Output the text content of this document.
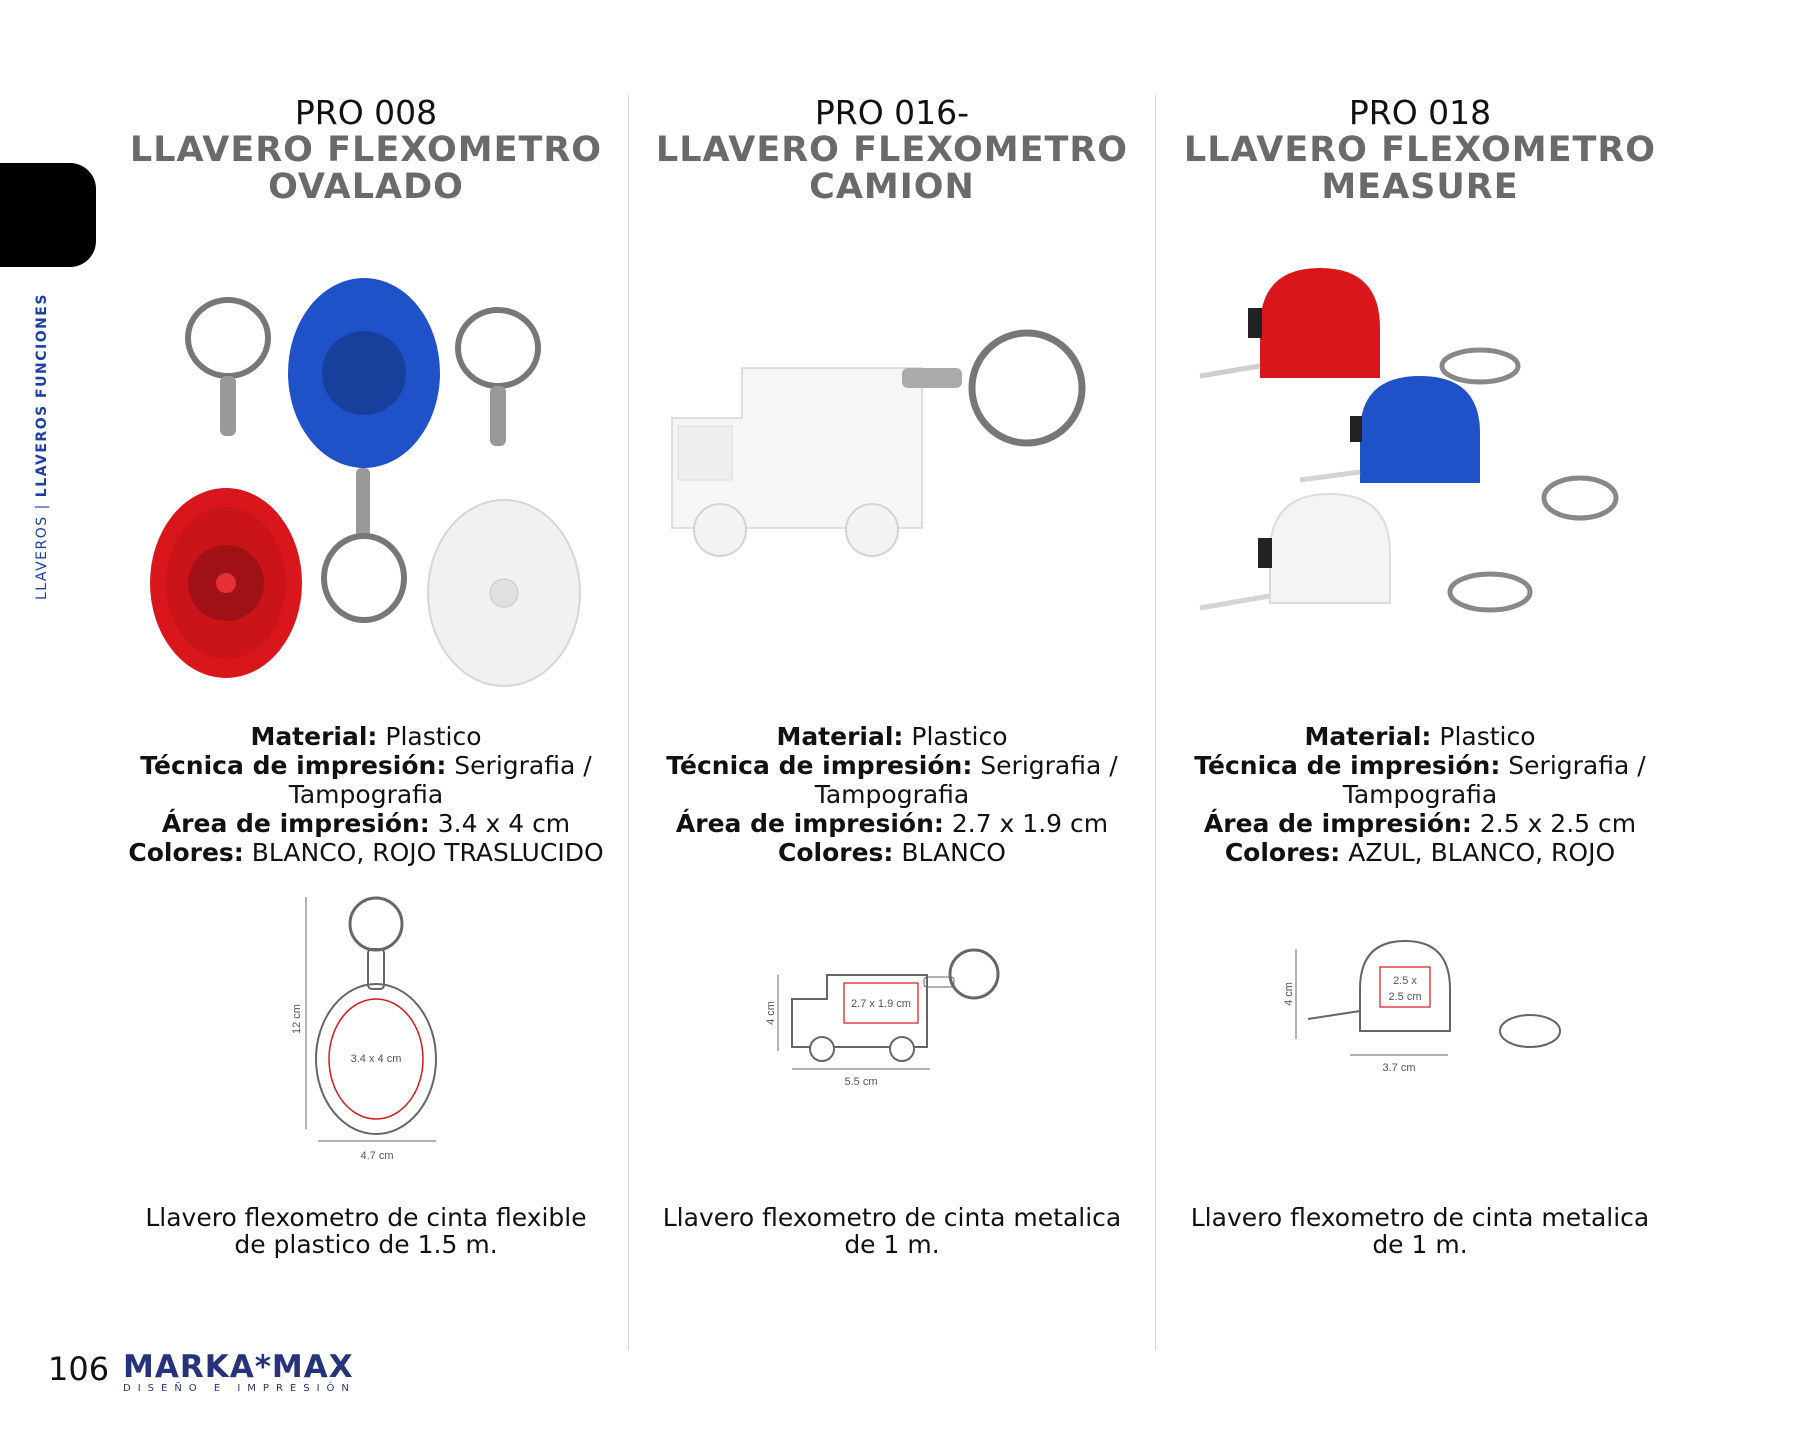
LLAVEROS | LLAVEROS FUNCIONES
PRO 008
LLAVERO FLEXOMETRO
OVALADO
Material: Plastico
Técnica de impresión: Serigrafia /
Tampografia
Área de impresión: 3.4 x 4 cm
Colores: BLANCO, ROJO TRASLUCIDO
12 cm
3.4 x 4 cm
4.7 cm
Llavero flexometro de cinta flexible
de plastico de 1.5 m.
PRO 016-
LLAVERO FLEXOMETRO
CAMION
Material: Plastico
Técnica de impresión: Serigrafia /
Tampografia
Área de impresión: 2.7 x 1.9 cm
Colores: BLANCO
4 cm	2.7 x 1.9 cm
5.5 cm
Llavero flexometro de cinta metalica
de 1 m.
PRO 018
LLAVERO FLEXOMETRO
MEASURE
Material: Plastico
Técnica de impresión: Serigrafia /
Tampografia
Área de impresión: 2.5 x 2.5 cm
Colores: AZUL, BLANCO, ROJO
4 cm
2.5 x
2.5 cm
3.7 cm
Llavero flexometro de cinta metalica
de 1 m.
106 MARKA*MAX
DISEÑO E IMPRESIÓN
